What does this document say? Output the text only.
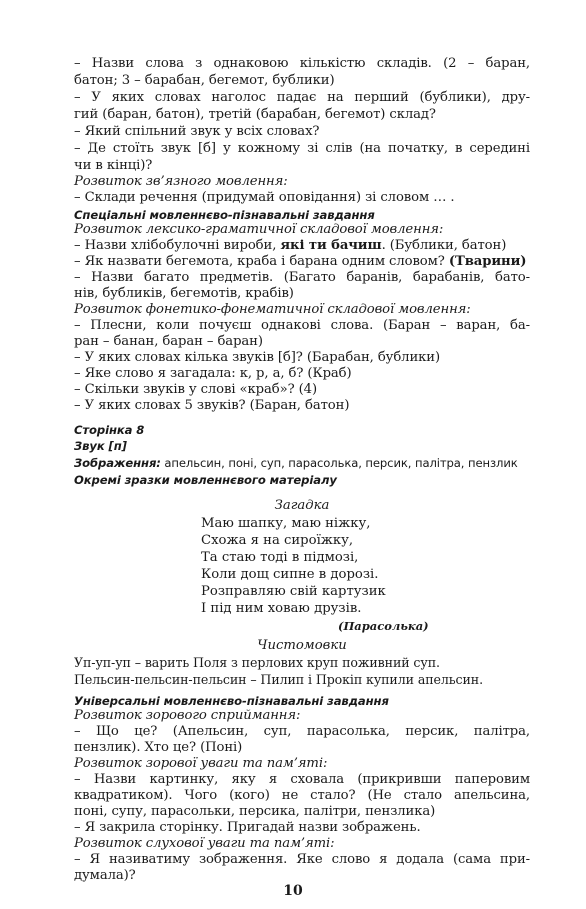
– Назви слова з однаковою кількістю складів. (2 – баран,
батон; 3 – барабан, бегемот, бублики)
– У яких словах наголос падає на перший (бублики), дру-
гий (баран, батон), третій (барабан, бегемот) склад?
– Який спільний звук у всіх словах?
– Де стоїть звук [б] у кожному зі слів (на початку, в середині
чи в кінці)?
Розвиток зв’язного мовлення:
– Склади речення (придумай оповідання) зі словом … .
Спеціальні мовленнєво-пізнавальні завдання
Розвиток лексико-граматичної складової мовлення:
– Назви хлібобулочні вироби, які ти бачиш. (Бублики, батон)
– Як назвати бегемота, краба і барана одним словом? (Тварини)
– Назви багато предметів. (Багато баранів, барабанів, бато-
нів, бубликів, бегемотів, крабів)
Розвиток фонетико-фонематичної складової мовлення:
– Плесни, коли почуєш однакові слова. (Баран – варан, ба-
ран – банан, баран – баран)
– У яких словах кілька звуків [б]? (Барабан, бублики)
– Яке слово я загадала: к, р, а, б? (Краб)
– Скільки звуків у слові «краб»? (4)
– У яких словах 5 звуків? (Баран, батон)
Сторінка 8
Звук [п]
Зображення: апельсин, поні, суп, парасолька, персик, палітра, пензлик
Окремі зразки мовленнєвого матеріалу
Загадка
Маю шапку, маю ніжку,
Схожа я на сироїжку,
Та стаю тоді в підмозі,
Коли дощ сипне в дорозі.
Розправляю свій картузик
І під ним ховаю друзів.
(Парасолька)
Чистомовки
Уп-уп-уп – варить Поля з перлових круп поживний суп.
Пельсин-пельсин-пельсин – Пилип і Прокіп купили апельсин.
Універсальні мовленнєво-пізнавальні завдання
Розвиток зорового сприймання:
– Що це? (Апельсин, суп, парасолька, персик, палітра,
пензлик). Хто це? (Поні)
Розвиток зорової уваги та пам’яті:
– Назви картинку, яку я сховала (прикривши паперовим
квадратиком). Чого (кого) не стало? (Не стало апельсина,
поні, супу, парасольки, персика, палітри, пензлика)
– Я закрила сторінку. Пригадай назви зображень.
Розвиток слухової уваги та пам’яті:
– Я називатиму зображення. Яке слово я додала (сама при-
10
думала)?
